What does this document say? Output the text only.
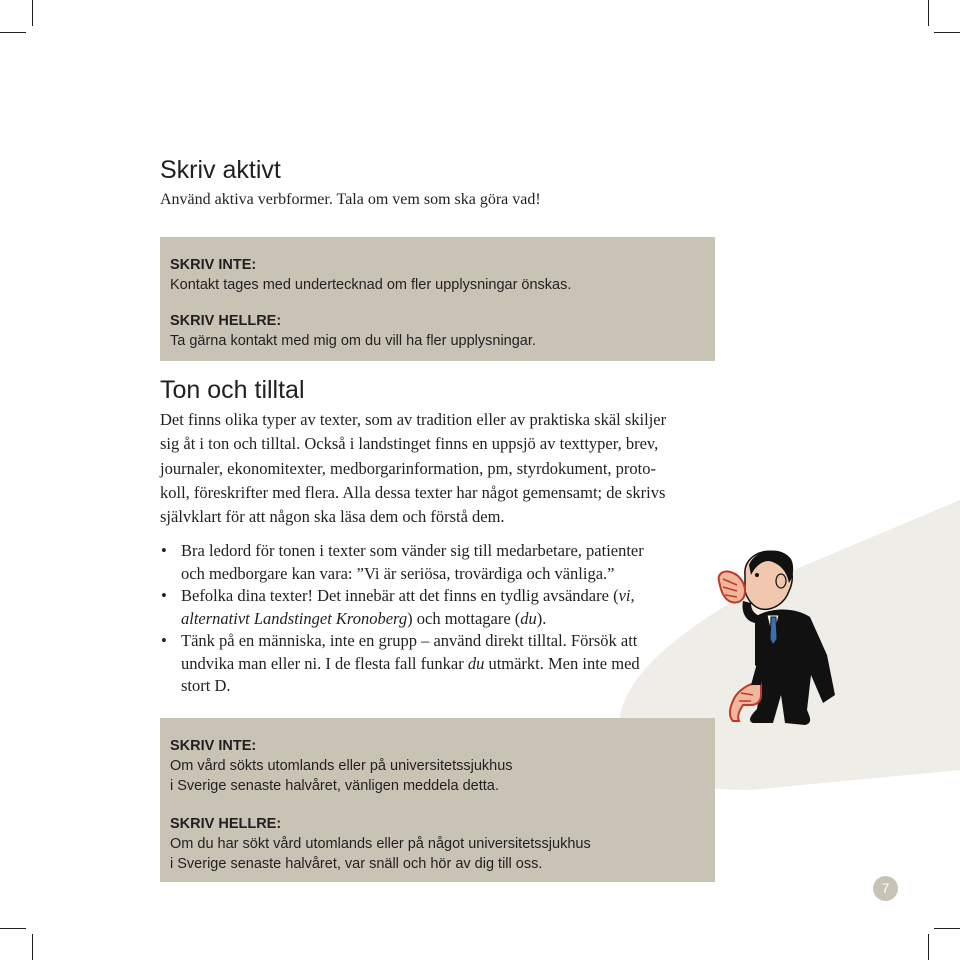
Skriv aktivt

Använd aktiva verbformer. Tala om vem som ska göra vad!

SKRIV INTE:
Kontakt tages med undertecknad om fler upplysningar önskas.
SKRIV HELLRE:
Ta gärna kontakt med mig om du vill ha fler upplysningar.
Ton och tilltal

Det finns olika typer av texter, som av tradition eller av praktiska skäl skiljer
sig åt i ton och tilltal. Också i landstinget finns en uppsjö av texttyper, brev,
journaler, ekonomitexter, medborgarinformation, pm, styrdokument, proto-
koll, föreskrifter med flera. Alla dessa texter har något gemensamt; de skrivs
självklart för att någon ska läsa dem och förstå dem.

• Bra ledord för tonen i texter som vänder sig till medarbetare, patienter
och medborgare kan vara: ”Vi är seriösa, trovärdiga och vänliga.”
• Befolka dina texter! Det innebär att det finns en tydlig avsändare (vi,
alternativt Landstinget Kronoberg) och mottagare (du).
• Tänk på en människa, inte en grupp – använd direkt tilltal. Försök att
undvika man eller ni. I de flesta fall funkar du utmärkt. Men inte med
stort D.
SKRIV INTE:
Om vård sökts utomlands eller på universitetssjukhus
i Sverige senaste halvåret, vänligen meddela detta.
SKRIV HELLRE:
Om du har sökt vård utomlands eller på något universitetssjukhus
i Sverige senaste halvåret, var snäll och hör av dig till oss.
7
